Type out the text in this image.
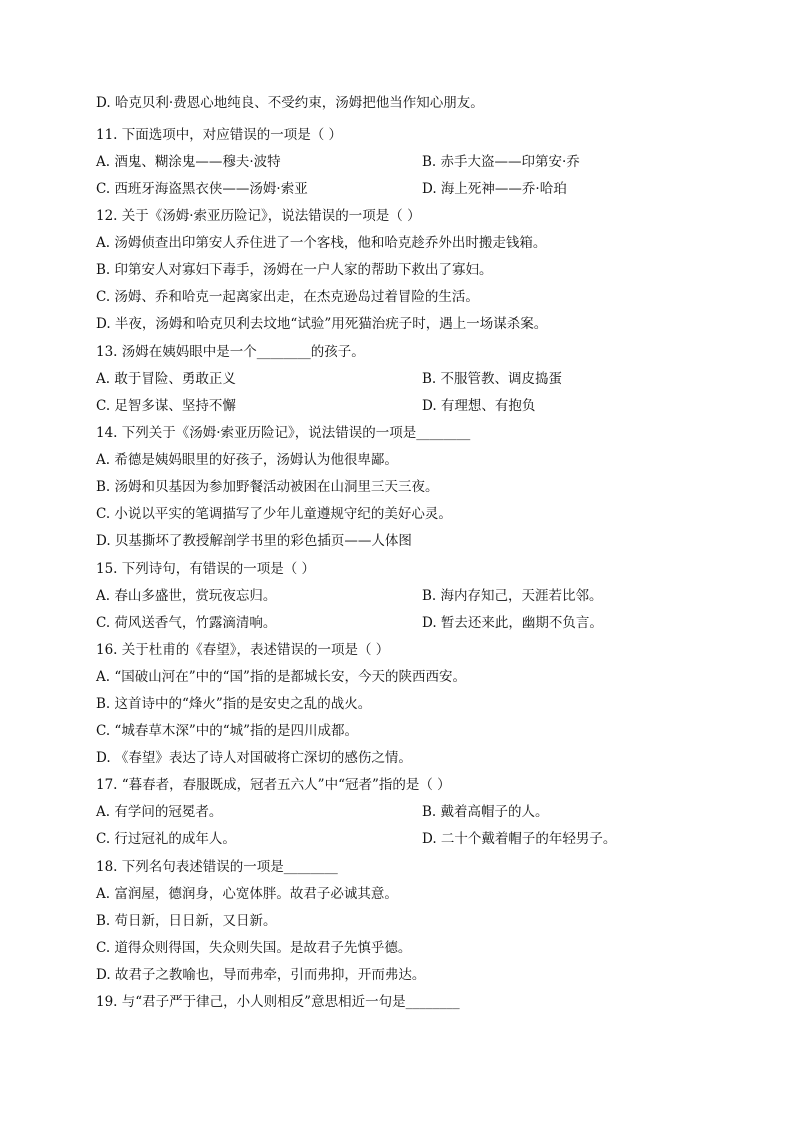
D. 哈克贝利·费恩心地纯良、不受约束，汤姆把他当作知心朋友。
11. 下面选项中，对应错误的一项是（ ）
A. 酒鬼、糊涂鬼——穆夫·波特	B. 赤手大盗——印第安·乔
C. 西班牙海盗黑衣侠——汤姆·索亚	D. 海上死神——乔·哈珀
12. 关于《汤姆·索亚历险记》，说法错误的一项是（ ）
A. 汤姆侦查出印第安人乔住进了一个客栈，他和哈克趁乔外出时搬走钱箱。
B. 印第安人对寡妇下毒手，汤姆在一户人家的帮助下救出了寡妇。
C. 汤姆、乔和哈克一起离家出走，在杰克逊岛过着冒险的生活。
D. 半夜，汤姆和哈克贝利去坟地“试验”用死猫治疣子时，遇上一场谋杀案。
13. 汤姆在姨妈眼中是一个________的孩子。
A. 敢于冒险、勇敢正义	B. 不服管教、调皮捣蛋
C. 足智多谋、坚持不懈	D. 有理想、有抱负
14. 下列关于《汤姆·索亚历险记》，说法错误的一项是________
A. 希德是姨妈眼里的好孩子，汤姆认为他很卑鄙。
B. 汤姆和贝基因为参加野餐活动被困在山洞里三天三夜。
C. 小说以平实的笔调描写了少年儿童遵规守纪的美好心灵。
D. 贝基撕坏了教授解剖学书里的彩色插页——人体图
15. 下列诗句，有错误的一项是（ ）
A. 春山多盛世，赏玩夜忘归。	B. 海内存知己，天涯若比邻。
C. 荷风送香气，竹露滴清响。	D. 暂去还来此，幽期不负言。
16. 关于杜甫的《春望》，表述错误的一项是（ ）
A. “国破山河在”中的“国”指的是都城长安，今天的陕西西安。
B. 这首诗中的“烽火”指的是安史之乱的战火。
C. “城春草木深”中的“城”指的是四川成都。
D. 《春望》表达了诗人对国破将亡深切的感伤之情。
17. “暮春者，春服既成，冠者五六人”中“冠者”指的是（ ）
A. 有学问的冠冕者。	B. 戴着高帽子的人。
C. 行过冠礼的成年人。	D. 二十个戴着帽子的年轻男子。
18. 下列名句表述错误的一项是________
A. 富润屋，德润身，心宽体胖。故君子必诚其意。
B. 苟日新，日日新，又日新。
C. 道得众则得国，失众则失国。是故君子先慎乎德。
D. 故君子之教喻也，导而弗牵，引而弗抑，开而弗达。
19. 与“君子严于律己，小人则相反”意思相近一句是________
